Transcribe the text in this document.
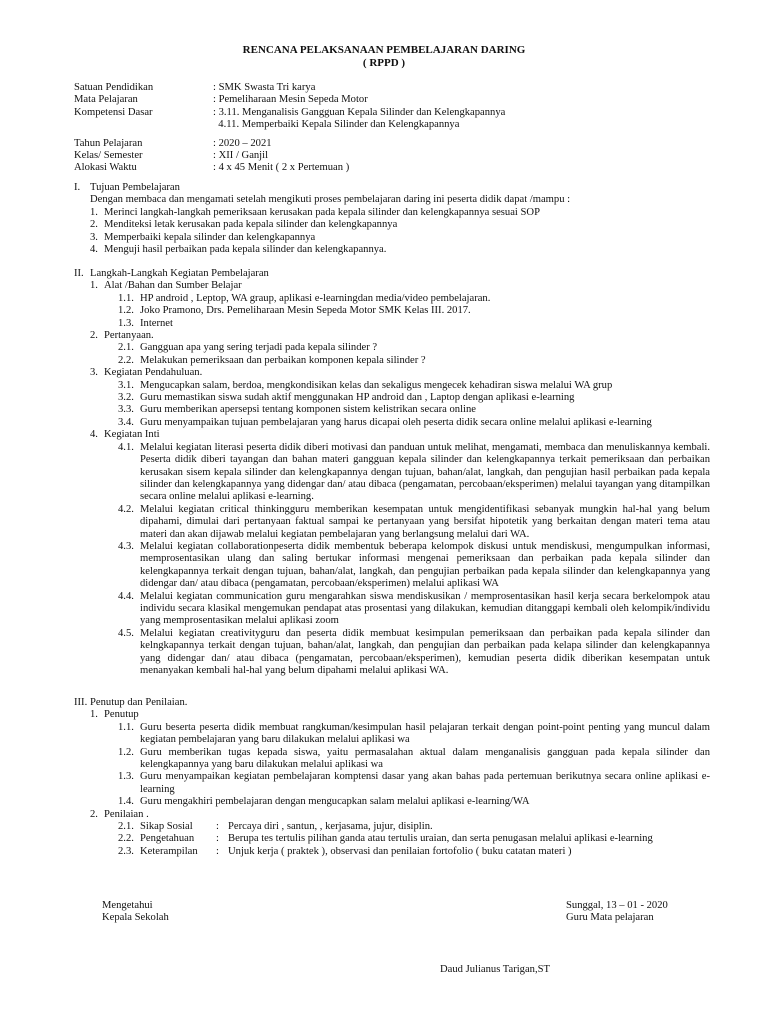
RENCANA PELAKSANAAN PEMBELAJARAN DARING
( RPPD )
Satuan Pendidikan	: SMK Swasta Tri karya
Mata Pelajaran	: Pemeliharaan Mesin Sepeda Motor
Kompetensi Dasar	: 3.11. Menganalisis Gangguan Kepala Silinder dan Kelengkapannya
4.11. Memperbaiki Kepala Silinder dan Kelengkapannya
Tahun Pelajaran	: 2020 – 2021
Kelas/ Semester	: XII / Ganjil
Alokasi Waktu	: 4 x 45 Menit ( 2 x Pertemuan )
I. Tujuan Pembelajaran
Dengan membaca dan mengamati setelah mengikuti proses pembelajaran daring ini peserta didik dapat /mampu :
1. Merinci langkah-langkah pemeriksaan kerusakan pada kepala silinder dan kelengkapannya sesuai SOP
2. Menditeksi letak kerusakan pada kepala silinder dan kelengkapannya
3. Memperbaiki kepala silinder dan kelengkapannya
4. Menguji hasil perbaikan pada kepala silinder dan kelengkapannya.
II. Langkah-Langkah Kegiatan Pembelajaran
1. Alat /Bahan dan Sumber Belajar
1.1. HP android , Leptop, WA graup, aplikasi e-learningdan media/video pembelajaran.
1.2. Joko Pramono, Drs. Pemeliharaan Mesin Sepeda Motor SMK Kelas III. 2017.
1.3. Internet
2. Pertanyaan.
2.1. Gangguan apa yang sering terjadi pada kepala silinder ?
2.2. Melakukan pemeriksaan dan perbaikan komponen kepala silinder ?
3. Kegiatan Pendahuluan.
3.1. Mengucapkan salam, berdoa, mengkondisikan kelas dan sekaligus mengecek kehadiran siswa melalui WA grup
3.2. Guru memastikan siswa sudah aktif menggunakan HP android dan , Laptop dengan aplikasi e-learning
3.3. Guru memberikan apersepsi tentang komponen sistem kelistrikan secara online
3.4. Guru menyampaikan tujuan pembelajaran yang harus dicapai oleh peserta didik secara online melalui aplikasi e-learning
4. Kegiatan Inti
4.1. Melalui kegiatan literasi peserta didik diberi motivasi dan panduan untuk melihat, mengamati, membaca dan menuliskannya kembali. Peserta didik diberi tayangan dan bahan materi gangguan kepala silinder dan kelengkapannya terkait pemeriksaan dan perbaikan kerusakan sisem kepala silinder dan kelengkapannya dengan tujuan, bahan/alat, langkah, dan pengujian hasil perbaikan pada kepala silinder dan kelengkapannya yang didengar dan/ atau dibaca (pengamatan, percobaan/eksperimen) melalui tayangan yang ditampilkan secara online melalui aplikasi e-learning.
4.2. Melalui kegiatan critical thinkingguru memberikan kesempatan untuk mengidentifikasi sebanyak mungkin hal-hal yang belum dipahami, dimulai dari pertanyaan faktual sampai ke pertanyaan yang bersifat hipotetik yang berkaitan dengan materi tema atau materi dan akan dijawab melalui kegiatan pembelajaran yang berlangsung melalui dari WA.
4.3. Melalui kegiatan collaborationpeserta didik membentuk beberapa kelompok diskusi untuk mendiskusi, mengumpulkan informasi, memprosentasikan ulang dan saling bertukar informasi mengenai pemeriksaan dan perbaikan pada kepala silinder dan kelengkapannya terkait dengan tujuan, bahan/alat, langkah, dan pengujian perbaikan pada kepala silinder dan kelengkapannya yang didengar dan/ atau dibaca (pengamatan, percobaan/eksperimen) melalui aplikasi WA
4.4. Melalui kegiatan communication guru mengarahkan siswa mendiskusikan / memprosentasikan hasil kerja secara berkelompok atau individu secara klasikal mengemukan pendapat atas prosentasi yang dilakukan, kemudian ditanggapi kembali oleh kelompik/individu yang memprosentasikan melalui aplikasi zoom
4.5. Melalui kegiatan creativityguru dan peserta didik membuat kesimpulan pemeriksaan dan perbaikan pada kepala silinder dan kelngkapannya terkait dengan tujuan, bahan/alat, langkah, dan pengujian dan perbaikan pada kelapa silinder dan kelengkapannya yang didengar dan/ atau dibaca (pengamatan, percobaan/eksperimen), kemudian peserta didik diberikan kesempatan untuk menanyakan kembali hal-hal yang belum dipahami melalui aplikasi WA.
III. Penutup dan Penilaian.
1. Penutup
1.1. Guru beserta peserta didik membuat rangkuman/kesimpulan hasil pelajaran terkait dengan point-point penting yang muncul dalam kegiatan pembelajaran yang baru dilakukan melalui aplikasi wa
1.2. Guru memberikan tugas kepada siswa, yaitu permasalahan aktual dalam menganalisis gangguan pada kepala silinder dan kelengkapannya yang baru dilakukan melalui aplikasi wa
1.3. Guru menyampaikan kegiatan pembelajaran komptensi dasar yang akan bahas pada pertemuan berikutnya secara online aplikasi e-learning
1.4. Guru mengakhiri pembelajaran dengan mengucapkan salam melalui aplikasi e-learning/WA
2. Penilaian .
2.1. Sikap Sosial	: Percaya diri , santun, , kerjasama, jujur, disiplin.
2.2. Pengetahuan	: Berupa tes tertulis pilihan ganda atau tertulis uraian, dan serta penugasan melalui aplikasi e-learning
2.3. Keterampilan	: Unjuk kerja ( praktek ), observasi dan penilaian fortofolio ( buku catatan materi )
Mengetahui
Kepala Sekolah
Sunggal, 13 – 01 - 2020
Guru Mata pelajaran
Daud Julianus Tarigan,ST
